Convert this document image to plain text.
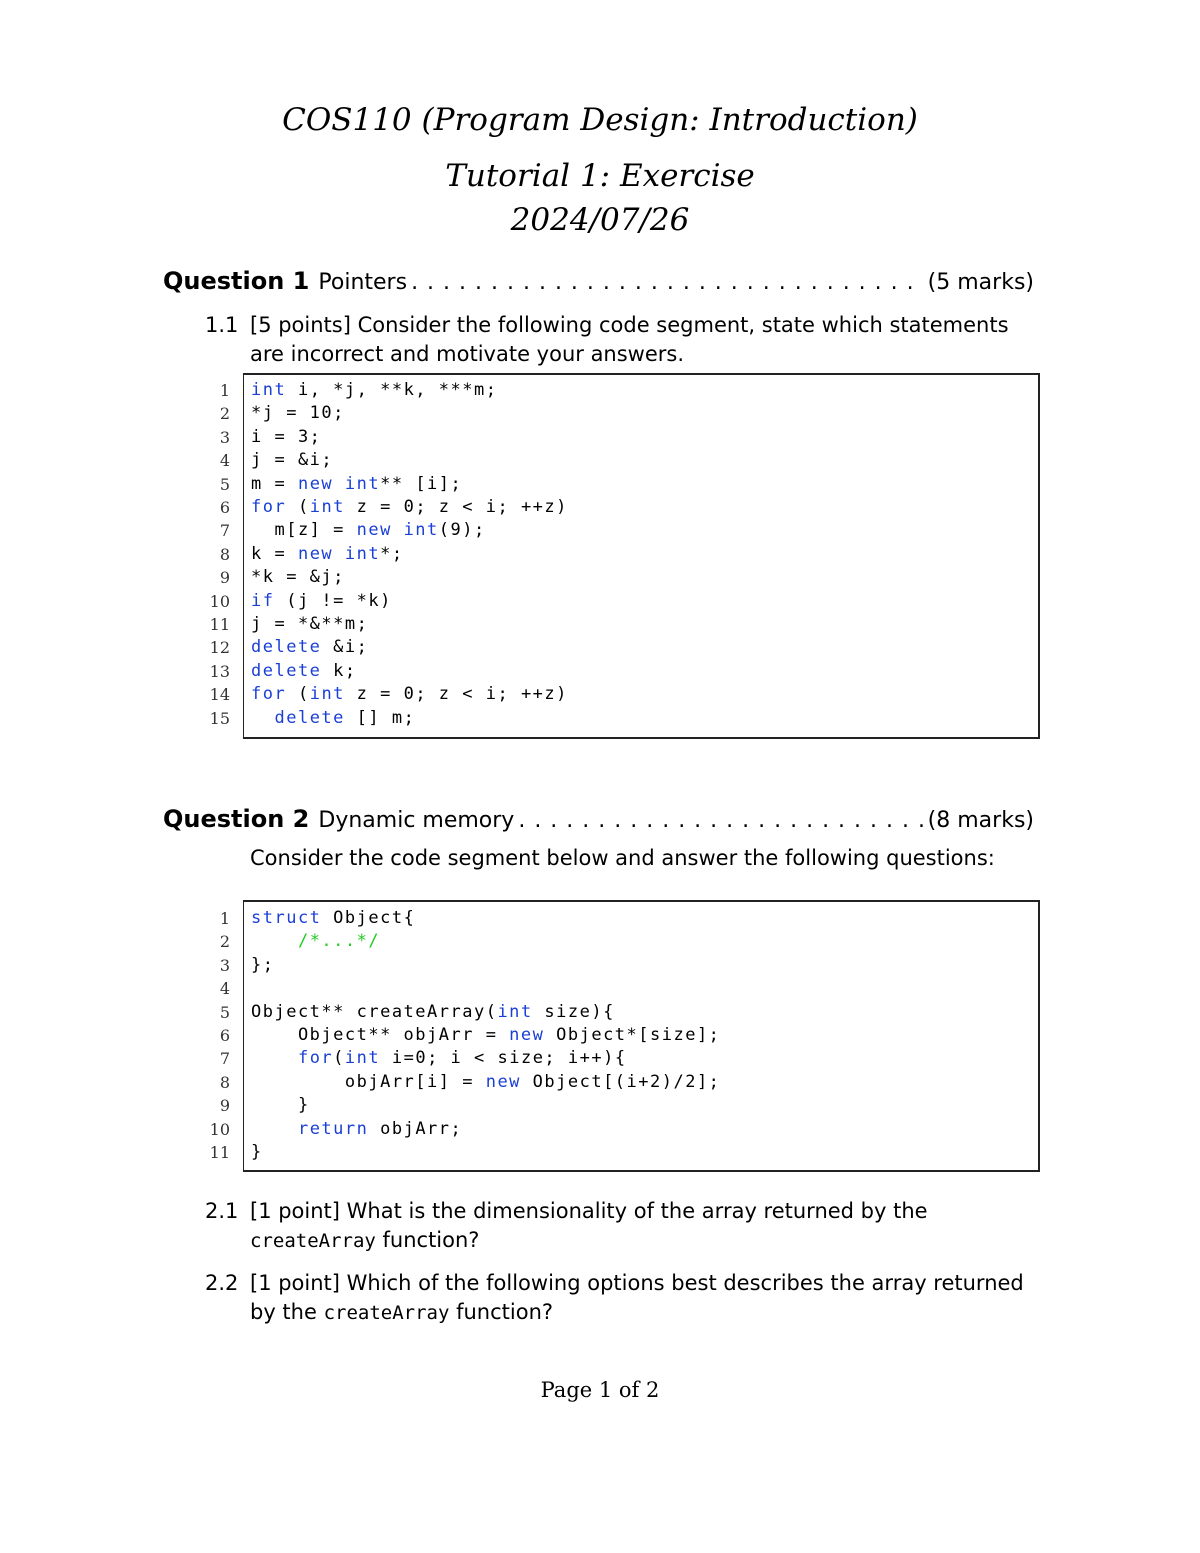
COS110 (Program Design: Introduction)
Tutorial 1: Exercise
2024/07/26
Question 1 Pointers . . .	(5 marks)
1.1 [5 points] Consider the following code segment, state which statements are incorrect and motivate your answers.
1 int i, *j, **k, ***m;
2 *j = 10;
3 i = 3;
4 j = &i;
5 m = new int** [i];
6 for (int z = 0; z < i; ++z)
7 m[z] = new int(9);
8 k = new int*;
9 *k = &j;
10 if (j != *k)
11 j = *&**m;
12 delete &i;
13 delete k;
14 for (int z = 0; z < i; ++z)
15	delete [] m;
Question 2 Dynamic memory . . .	(8 marks)
Consider the code segment below and answer the following questions:
1 struct Object{
2	/*...*/
3 };
4
5 Object** createArray(int size){
6 Object** objArr = new Object*[size];
7	for(int i=0; i < size; i++){
8 objArr[i] = new Object[(i+2)/2];
9 }
10	return objArr;
11 }
2.1 [1 point] What is the dimensionality of the array returned by the createArray function?
2.2 [1 point] Which of the following options best describes the array returned by the createArray function?
Page 1 of 2
